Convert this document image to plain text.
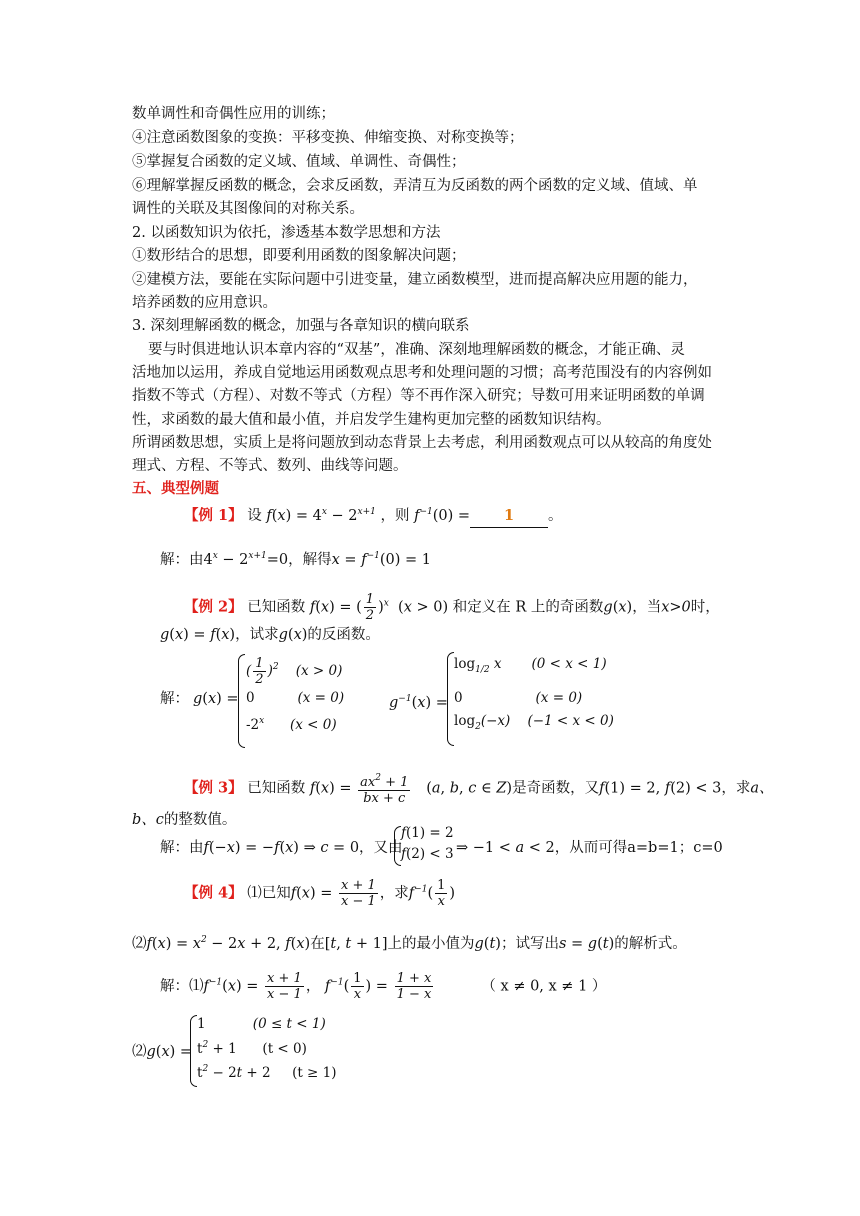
数单调性和奇偶性应用的训练；
④注意函数图象的变换：平移变换、伸缩变换、对称变换等；
⑤掌握复合函数的定义域、值域、单调性、奇偶性；
⑥理解掌握反函数的概念，会求反函数，弄清互为反函数的两个函数的定义域、值域、单
调性的关联及其图像间的对称关系。
2. 以函数知识为依托，渗透基本数学思想和方法
①数形结合的思想，即要利用函数的图象解决问题；
②建模方法，要能在实际问题中引进变量，建立函数模型，进而提高解决应用题的能力，
培养函数的应用意识。
3. 深刻理解函数的概念，加强与各章知识的横向联系
要与时俱进地认识本章内容的“双基”，准确、深刻地理解函数的概念，才能正确、灵
活地加以运用，养成自觉地运用函数观点思考和处理问题的习惯；高考范围没有的内容例如
指数不等式（方程）、对数不等式（方程）等不再作深入研究；导数可用来证明函数的单调
性，求函数的最大值和最小值，并启发学生建构更加完整的函数知识结构。
所谓函数思想，实质上是将问题放到动态背景上去考虑，利用函数观点可以从较高的角度处
理式、方程、不等式、数列、曲线等问题。
五、典型例题
【例 1】 设 $f(x) = 4^x - 2^{x+1}$ ，则 $f^{-1}(0) = 1$ 。
解：由$4^x - 2^{x+1}=0$，解得$x = f^{-1}(0) = 1$
【例 2】 已知函数 f(x) = ( $\frac{1}{2} )^x$  (x > 0) 和定义在 R 上的奇函数g(x)，当x>0时，
g(x) = f(x)，试求g(x)的反函数。
解： g(x) =
( $\frac{1}{2} )^2$    (x > 0)
0          (x = 0)
-2$^x$      (x < 0)
$g^{-1}(x)$ =
$\log_{1/2} x$       (0 < x < 1)
0                 (x = 0)
$\log_2(-x)$    (−1 < x < 0)
【例 3】 已知函数 $f(x) = \frac{ax^2 + 1}{bx + c} (a$, b, c ∈ Z)是奇函数，又f(1) = 2, f(2) < 3，求a、
b、c的整数值。
解：由f(−x) = −f(x) ⇒ c = 0，又由
f(1) = 2
f(2) < 3 ⇒ −1 < a < 2，从而可得a=b=1；c=0
【例 4】 ⑴已知$f(x) = \frac{x + 1}{x - 1}$ ，求$f^{-1}( \frac{1}{x}$ )
⑵f(x) = $x^2 - 2x + 2$, f(x)在[t, t + 1]上的最小值为g(t)；试写出s = g(t)的解析式。
解：$⑴f^{-1}(x) = \frac{x + 1}{x - 1}$ ， $f^{-1}( \frac{1}{x}$ ) = $\frac{1 + x}{1 - x}$	（ x ≠ 0, x ≠ 1 ）
⑵g(x) =
1           (0 ≤ t < 1)
$t^2 + 1$ (t < 0)
$t^2 - 2t + 2$ (t ≥ 1)
